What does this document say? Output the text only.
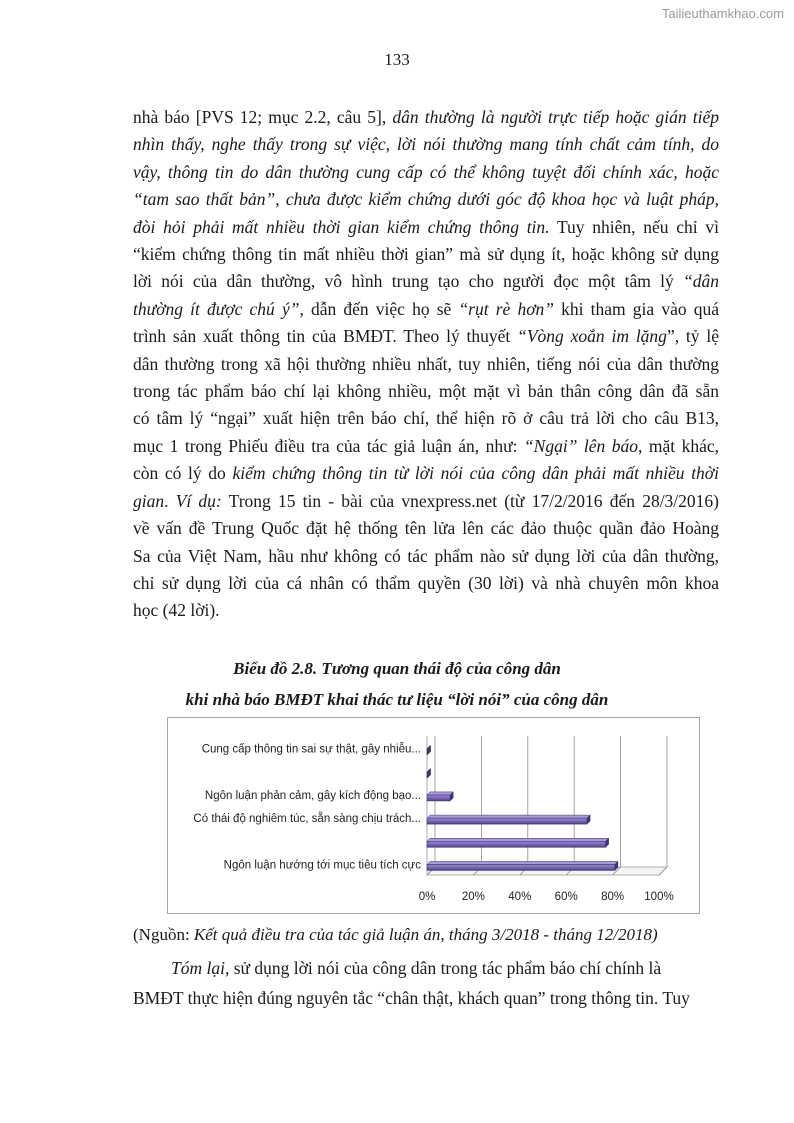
Tailieuthamkhao.com
133

nhà báo [PVS 12; mục 2.2, câu 5], dân thường là người trực tiếp hoặc gián tiếp

nhìn thấy, nghe thấy trong sự việc, lời nói thường mang tính chất cảm tính, do

vậy, thông tin do dân thường cung cấp có thể không tuyệt đối chính xác, hoặc

“tam sao thất bản”, chưa được kiểm chứng dưới góc độ khoa học và luật pháp,

đòi hỏi phải mất nhiều thời gian kiểm chứng thông tin. Tuy nhiên, nếu chỉ vì

“kiểm chứng thông tin mất nhiều thời gian” mà sử dụng ít, hoặc không sử dụng

lời nói của dân thường, vô hình trung tạo cho người đọc một tâm lý “dân

thường ít được chú ý”, dẫn đến việc họ sẽ “rụt rè hơn” khi tham gia vào quá

trình sản xuất thông tin của BMĐT. Theo lý thuyết “Vòng xoắn im lặng”, tỷ lệ

dân thường trong xã hội thường nhiều nhất, tuy nhiên, tiếng nói của dân thường

trong tác phẩm báo chí lại không nhiều, một mặt vì bản thân công dân đã sẵn

có tâm lý “ngại” xuất hiện trên báo chí, thể hiện rõ ở câu trả lời cho câu B13,

mục 1 trong Phiếu điều tra của tác giả luận án, như: “Ngại” lên báo, mặt khác,

còn có lý do kiểm chứng thông tin từ lời nói của công dân phải mất nhiều thời

gian. Ví dụ: Trong 15 tin - bài của vnexpress.net (từ 17/2/2016 đến 28/3/2016)

về vấn đề Trung Quốc đặt hệ thống tên lửa lên các đảo thuộc quần đảo Hoàng

Sa của Việt Nam, hầu như không có tác phẩm nào sử dụng lời của dân thường,

chỉ sử dụng lời của cá nhân có thẩm quyền (30 lời) và nhà chuyên môn khoa

học (42 lời).

Biểu đồ 2.8. Tương quan thái độ của công dân
khi nhà báo BMĐT khai thác tư liệu “lời nói” của công dân
Ngôn luận hướng tới mục tiêu tích cực
Có thái độ nghiêm túc, sẵn sàng chịu trách...
Ngôn luận phản cảm, gây kích động bạo...
Cung cấp thông tin sai sự thật, gây nhiễu...
0% 20% 40% 60% 80% 100%
(Nguồn: Kết quả điều tra của tác giả luận án, tháng 3/2018 - tháng 12/2018)

Tóm lại, sử dụng lời nói của công dân trong tác phẩm báo chí chính là

BMĐT thực hiện đúng nguyên tắc “chân thật, khách quan” trong thông tin. Tuy
